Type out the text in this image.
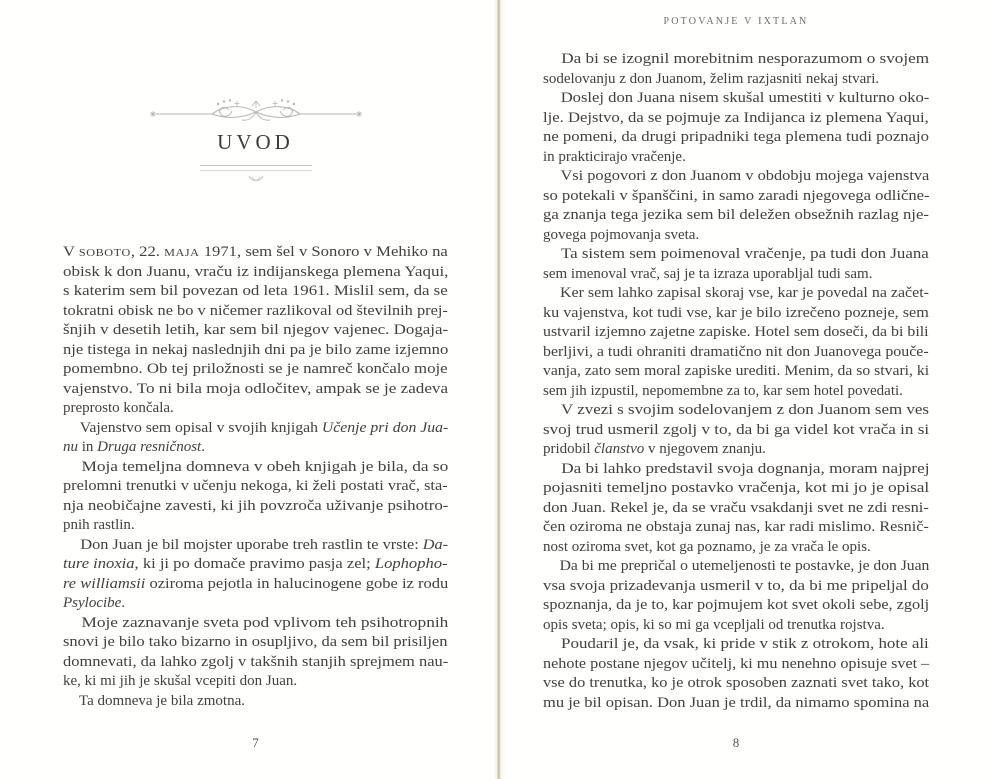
UVOD
V soboto, 22. maja 1971, sem šel v Sonoro v Mehiko na
obisk k don Juanu, vraču iz indijanskega plemena Yaqui,
s katerim sem bil povezan od leta 1961. Mislil sem, da se
tokratni obisk ne bo v ničemer razlikoval od številnih prej-
šnjih v desetih letih, kar sem bil njegov vajenec. Dogaja-
nje tistega in nekaj naslednjih dni pa je bilo zame izjemno
pomembno. Ob tej priložnosti se je namreč končalo moje
vajenstvo. To ni bila moja odločitev, ampak se je zadeva
preprosto končala.
Vajenstvo sem opisal v svojih knjigah Učenje pri don Jua-
nu in Druga resničnost.
Moja temeljna domneva v obeh knjigah je bila, da so
prelomni trenutki v učenju nekoga, ki želi postati vrač, sta-
nja neobičajne zavesti, ki jih povzroča uživanje psihotro-
pnih rastlin.
Don Juan je bil mojster uporabe treh rastlin te vrste: Da-
ture inoxia, ki ji po domače pravimo pasja zel; Lophopho-
re williamsii oziroma pejotla in halucinogene gobe iz rodu
Psylocibe.
Moje zaznavanje sveta pod vplivom teh psihotropnih
snovi je bilo tako bizarno in osupljivo, da sem bil prisiljen
domnevati, da lahko zgolj v takšnih stanjih sprejmem nau-
ke, ki mi jih je skušal vcepiti don Juan.
Ta domneva je bila zmotna.
7
POTOVANJE V IXTLAN
Da bi se izognil morebitnim nesporazumom o svojem
sodelovanju z don Juanom, želim razjasniti nekaj stvari.
Doslej don Juana nisem skušal umestiti v kulturno oko-
lje. Dejstvo, da se pojmuje za Indijanca iz plemena Yaqui,
ne pomeni, da drugi pripadniki tega plemena tudi poznajo
in prakticirajo vračenje.
Vsi pogovori z don Juanom v obdobju mojega vajenstva
so potekali v španščini, in samo zaradi njegovega odlične-
ga znanja tega jezika sem bil deležen obsežnih razlag nje-
govega pojmovanja sveta.
Ta sistem sem poimenoval vračenje, pa tudi don Juana
sem imenoval vrač, saj je ta izraza uporabljal tudi sam.
Ker sem lahko zapisal skoraj vse, kar je povedal na začet-
ku vajenstva, kot tudi vse, kar je bilo izrečeno pozneje, sem
ustvaril izjemno zajetne zapiske. Hotel sem doseči, da bi bili
berljivi, a tudi ohraniti dramatično nit don Juanovega pouče-
vanja, zato sem moral zapiske urediti. Menim, da so stvari, ki
sem jih izpustil, nepomembne za to, kar sem hotel povedati.
V zvezi s svojim sodelovanjem z don Juanom sem ves
svoj trud usmeril zgolj v to, da bi ga videl kot vrača in si
pridobil članstvo v njegovem znanju.
Da bi lahko predstavil svoja dognanja, moram najprej
pojasniti temeljno postavko vračenja, kot mi jo je opisal
don Juan. Rekel je, da se vraču vsakdanji svet ne zdi resni-
čen oziroma ne obstaja zunaj nas, kar radi mislimo. Resnič-
nost oziroma svet, kot ga poznamo, je za vrača le opis.
Da bi me prepričal o utemeljenosti te postavke, je don Juan
vsa svoja prizadevanja usmeril v to, da bi me pripeljal do
spoznanja, da je to, kar pojmujem kot svet okoli sebe, zgolj
opis sveta; opis, ki so mi ga vcepljali od trenutka rojstva.
Poudaril je, da vsak, ki pride v stik z otrokom, hote ali
nehote postane njegov učitelj, ki mu nenehno opisuje svet –
vse do trenutka, ko je otrok sposoben zaznati svet tako, kot
mu je bil opisan. Don Juan je trdil, da nimamo spomina na
8
